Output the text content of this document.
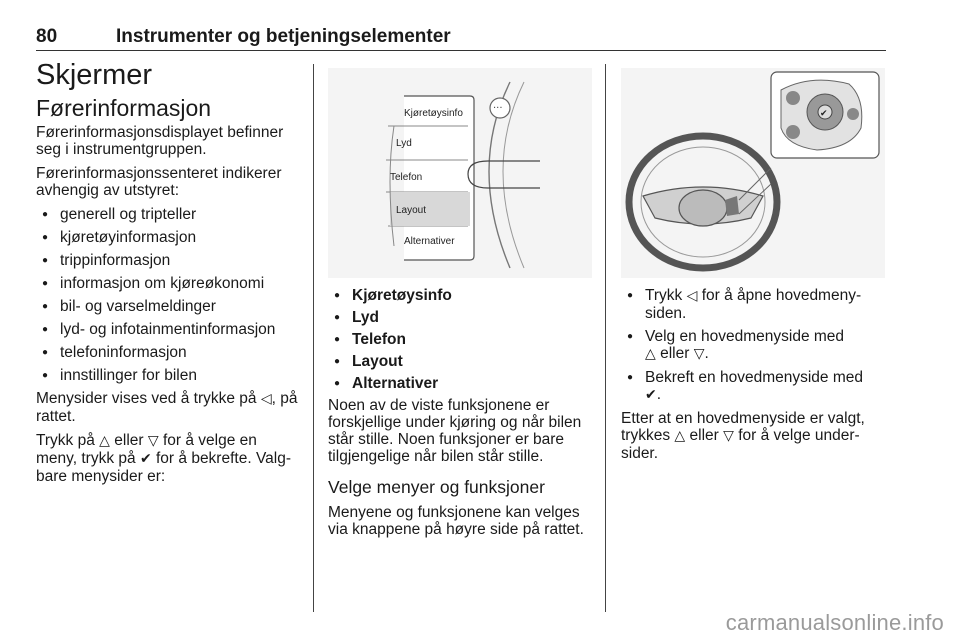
80	Instrumenter og betjeningselementer
Skjermer
Førerinformasjon

Førerinformasjonsdisplayet befinner seg i instrumentgruppen.

Førerinformasjonssenteret indikerer avhengig av utstyret:

● generell og tripteller
● kjøretøyinformasjon
● trippinformasjon
● informasjon om kjøreøkonomi
● bil- og varselmeldinger
● lyd- og infotainmentinformasjon
● telefoninformasjon
● innstillinger for bilen

Menysider vises ved å trykke på ◁, på rattet.

Trykk på △ eller ▽ for å velge en meny, trykk på ✔ for å bekrefte. Valg-bare menysider er:

Kjøretøysinfo
Lyd
Telefon
Layout
Alternativer
···
● Kjøretøysinfo
● Lyd
● Telefon
● Layout
● Alternativer

Noen av de viste funksjonene er forskjellige under kjøring og når bilen står stille. Noen funksjoner er bare tilgjengelige når bilen står stille.

Velge menyer og funksjoner

Menyene og funksjonene kan velges via knappene på høyre side på rattet.

✔
● Trykk ◁ for å åpne hovedmeny-siden.
● Velg en hovedmenyside med
△ eller ▽.
● Bekreft en hovedmenyside med
✔.

Etter at en hovedmenyside er valgt, trykkes △ eller ▽ for å velge under-sider.

carmanualsonline.info
